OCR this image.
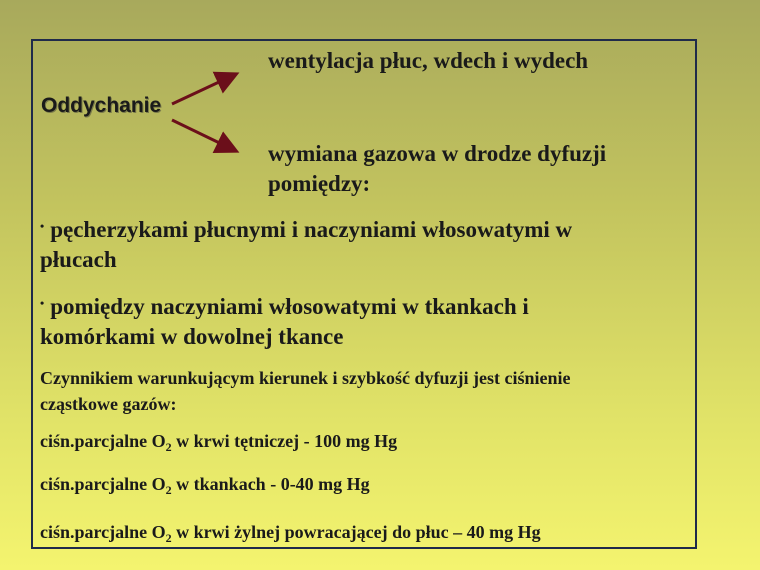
Oddychanie
wentylacja płuc, wdech i wydech
wymiana gazowa w drodze dyfuzji
pomiędzy:
• pęcherzykami płucnymi i naczyniami włosowatymi w
płucach
• pomiędzy naczyniami włosowatymi w tkankach i
komórkami w dowolnej tkance
Czynnikiem warunkującym kierunek i szybkość dyfuzji jest ciśnienie
cząstkowe gazów:
ciśn.parcjalne $O_2$ w krwi tętniczej - 100 mg Hg
ciśn.parcjalne $O_2$ w tkankach - 0-40 mg Hg
ciśn.parcjalne $O_2$ w krwi żylnej powracającej do płuc – 40 mg Hg
